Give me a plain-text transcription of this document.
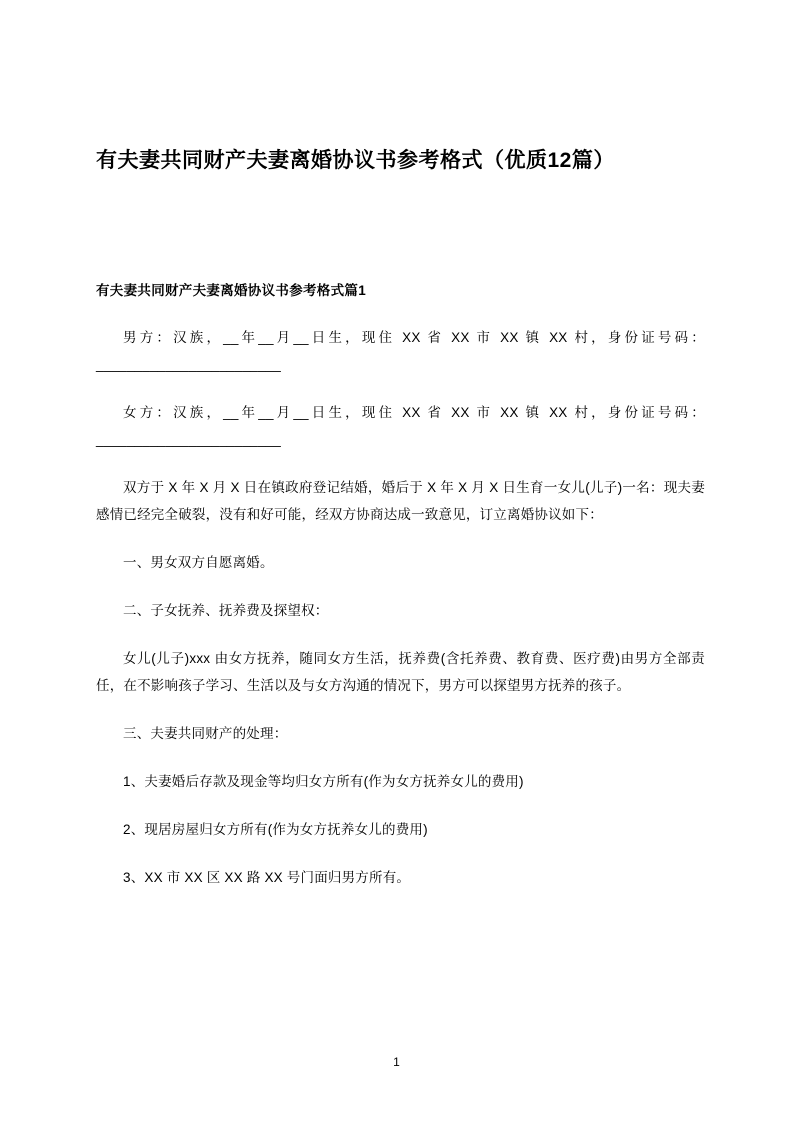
有夫妻共同财产夫妻离婚协议书参考格式（优质12篇）
有夫妻共同财产夫妻离婚协议书参考格式篇1

男方：汉族，__年__月__日生，现住 XX 省 XX 市 XX 镇 XX 村，身份证号码：________________________

女方：汉族，__年__月__日生，现住 XX 省 XX 市 XX 镇 XX 村，身份证号码：________________________

双方于 X 年 X 月 X 日在镇政府登记结婚，婚后于 X 年 X 月 X 日生育一女儿(儿子)一名：现夫妻感情已经完全破裂，没有和好可能，经双方协商达成一致意见，订立离婚协议如下：

一、男女双方自愿离婚。

二、子女抚养、抚养费及探望权：

女儿(儿子)xxx 由女方抚养，随同女方生活，抚养费(含托养费、教育费、医疗费)由男方全部责任，在不影响孩子学习、生活以及与女方沟通的情况下，男方可以探望男方抚养的孩子。

三、夫妻共同财产的处理：

1、夫妻婚后存款及现金等均归女方所有(作为女方抚养女儿的费用)

2、现居房屋归女方所有(作为女方抚养女儿的费用)

3、XX 市 XX 区 XX 路 XX 号门面归男方所有。

1
